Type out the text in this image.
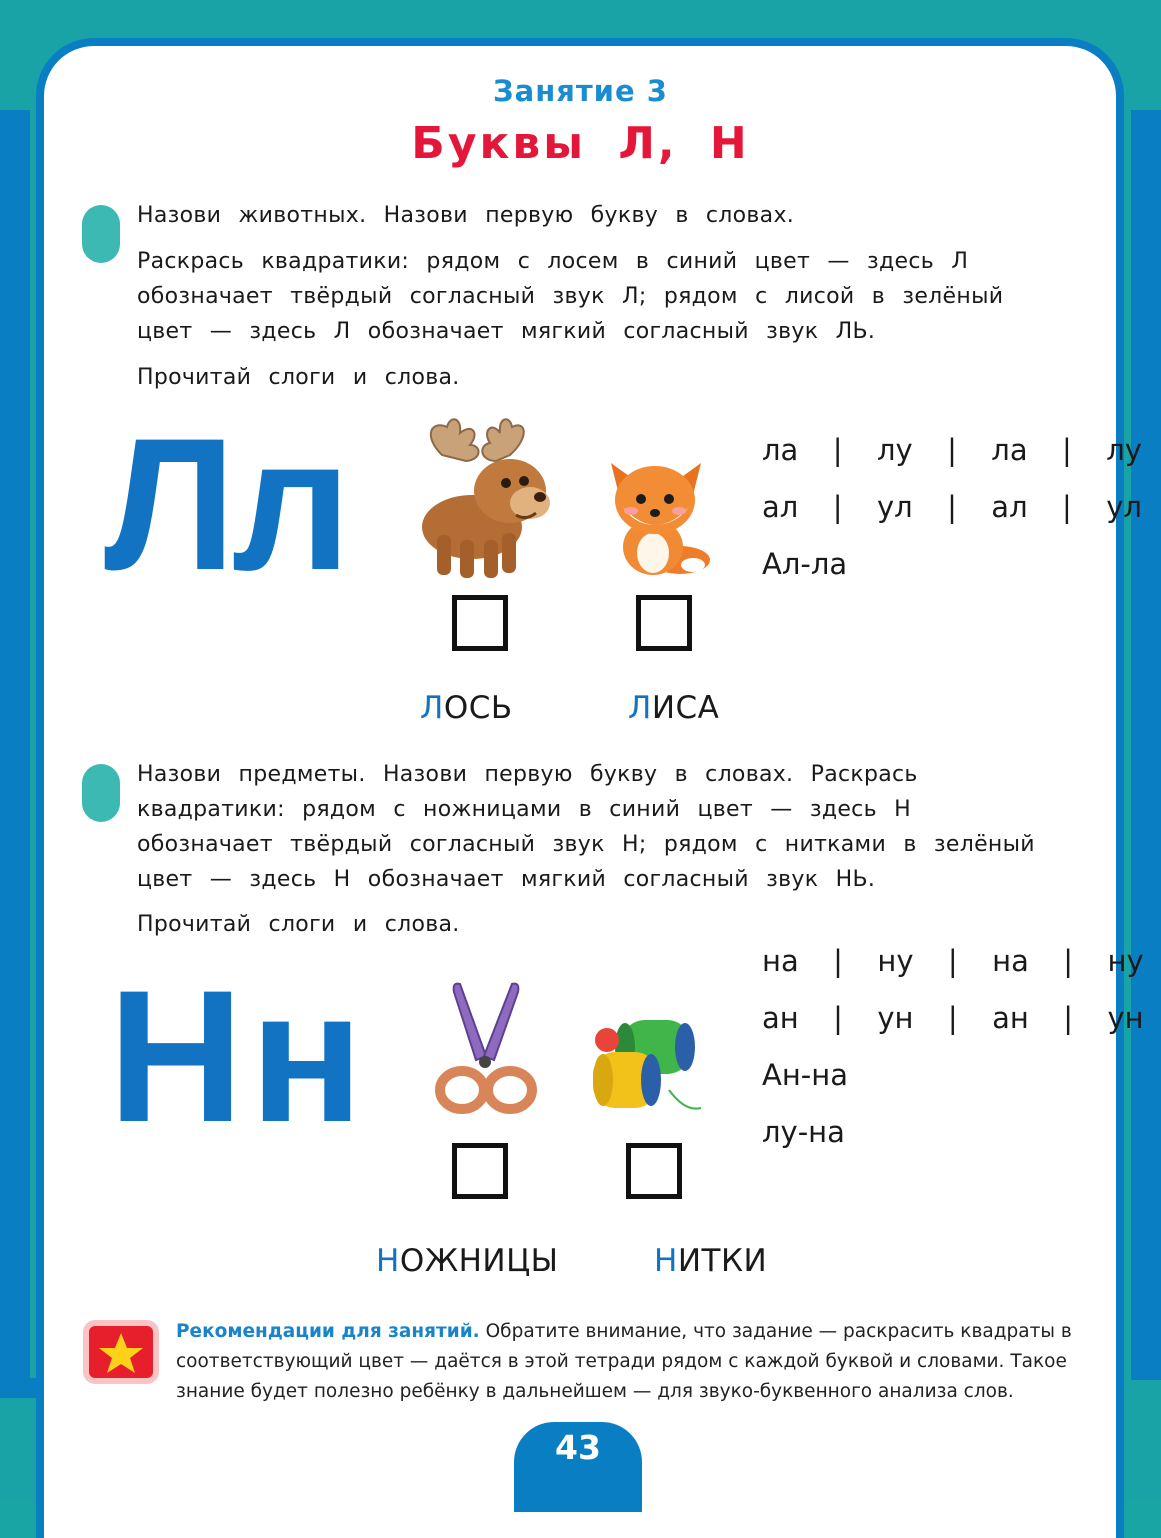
Занятие 3
Буквы Л, Н
Назови животных. Назови первую букву в словах.
Раскрась квадратики: рядом с лосем в синий цвет — здесь Л
обозначает твёрдый согласный звук Л; рядом с лисой в зелёный
цвет — здесь Л обозначает мягкий согласный звук ЛЬ.
Прочитай слоги и слова.
Лл
ЛОСЬ	ЛИСА
ла  |  лу  |  ла  |  лу
ал  |  ул  |  ал  |  ул
Ал-ла
Назови предметы. Назови первую букву в словах. Раскрась
квадратики: рядом с ножницами в синий цвет — здесь Н
обозначает твёрдый согласный звук Н; рядом с нитками в зелёный
цвет — здесь Н обозначает мягкий согласный звук НЬ.
Прочитай слоги и слова.
Нн
НОЖНИЦЫ	НИТКИ
на  |  ну  |  на  |  ну
ан  |  ун  |  ан  |  ун
Ан-на
лу-на
Рекомендации для занятий. Обратите внимание, что задание — раскрасить квадраты в соответствующий цвет — даётся в этой тетради рядом с каждой буквой и словами. Такое знание будет полезно ребёнку в дальнейшем — для звуко-буквенного анализа слов.
43
